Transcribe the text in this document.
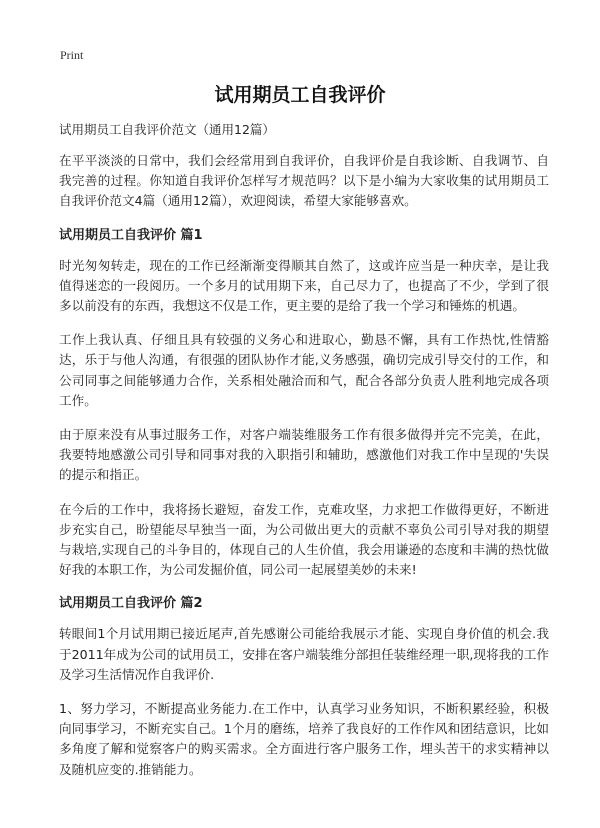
Print
试用期员工自我评价

试用期员工自我评价范文（通用12篇）

在平平淡淡的日常中，我们会经常用到自我评价，自我评价是自我诊断、自我调节、自我完善的过程。你知道自我评价怎样写才规范吗？以下是小编为大家收集的试用期员工自我评价范文4篇（通用12篇），欢迎阅读，希望大家能够喜欢。

试用期员工自我评价 篇1

时光匆匆转走，现在的工作已经渐渐变得顺其自然了，这或许应当是一种庆幸，是让我值得迷恋的一段阅历。一个多月的试用期下来，自己尽力了，也提高了不少，学到了很多以前没有的东西，我想这不仅是工作，更主要的是给了我一个学习和锤炼的机遇。

工作上我认真、仔细且具有较强的义务心和进取心，勤恳不懈，具有工作热忱,性情豁达，乐于与他人沟通，有很强的团队协作才能,义务感强，确切完成引导交付的工作，和公司同事之间能够通力合作，关系相处融洽而和气，配合各部分负责人胜利地完成各项工作。

由于原来没有从事过服务工作，对客户端装维服务工作有很多做得并完不完美，在此，我要特地感激公司引导和同事对我的入职指引和辅助，感激他们对我工作中呈现的'失误的提示和指正。

在今后的工作中，我将扬长避短，奋发工作，克难攻坚，力求把工作做得更好，不断进步充实自己，盼望能尽早独当一面，为公司做出更大的贡献不辜负公司引导对我的期望与栽培,实现自己的斗争目的，体现自己的人生价值，我会用谦逊的态度和丰满的热忱做好我的本职工作，为公司发掘价值，同公司一起展望美妙的未来!

试用期员工自我评价 篇2

转眼间1个月试用期已接近尾声,首先感谢公司能给我展示才能、实现自身价值的机会.我于2011年成为公司的试用员工，安排在客户端装维分部担任装维经理一职,现将我的工作及学习生活情况作自我评价.

1、努力学习，不断提高业务能力.在工作中，认真学习业务知识，不断积累经验，积极向同事学习，不断充实自己。1个月的磨练，培养了我良好的工作作风和团结意识，比如多角度了解和觉察客户的购买需求。全方面进行客户服务工作，埋头苦干的求实精神以及随机应变的.推销能力。
